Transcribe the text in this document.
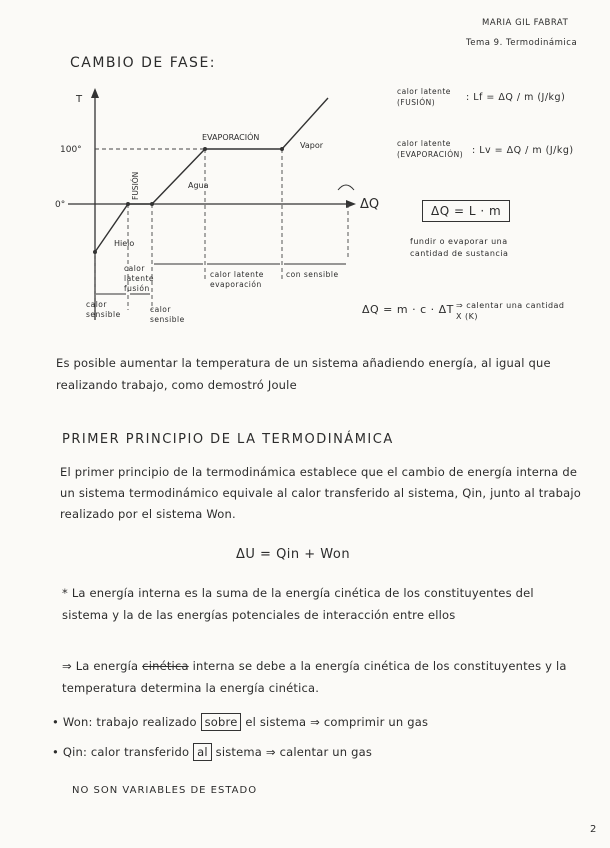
MARIA GIL FABRAT
Tema 9. Termodinámica
CAMBIO DE FASE:
100°
0°
T
ΔQ
EVAPORACIÓN
Vapor
Agua
FUSIÓN
Hielo
calor sensible
calor latente fusión
calor sensible
calor latente evaporación
con sensible
calor latente (FUSIÓN)	: Lf = ΔQ / m (J/kg)
calor latente (EVAPORACIÓN) : Lv = ΔQ / m (J/kg)
ΔQ = L · m
fundir o evaporar una cantidad de sustancia
ΔQ = m · c · ΔT ⇒ calentar una cantidad X (K)
Es posible aumentar la temperatura de un sistema añadiendo energía, al igual que realizando trabajo, como demostró Joule
PRIMER PRINCIPIO DE LA TERMODINÁMICA
El primer principio de la termodinámica establece que el cambio de energía interna de un sistema termodinámico equivale al calor transferido al sistema, Qin, junto al trabajo realizado por el sistema Won.
ΔU = Qin + Won
* La energía interna es la suma de la energía cinética de los constituyentes del sistema y la de las energías potenciales de interacción entre ellos
⇒ La energía cinética interna se debe a la energía cinética de los constituyentes y la temperatura determina la energía cinética.
• Won: trabajo realizado sobre el sistema ⇒ comprimir un gas
• Qin: calor transferido al sistema ⇒ calentar un gas
NO SON VARIABLES DE ESTADO
2
